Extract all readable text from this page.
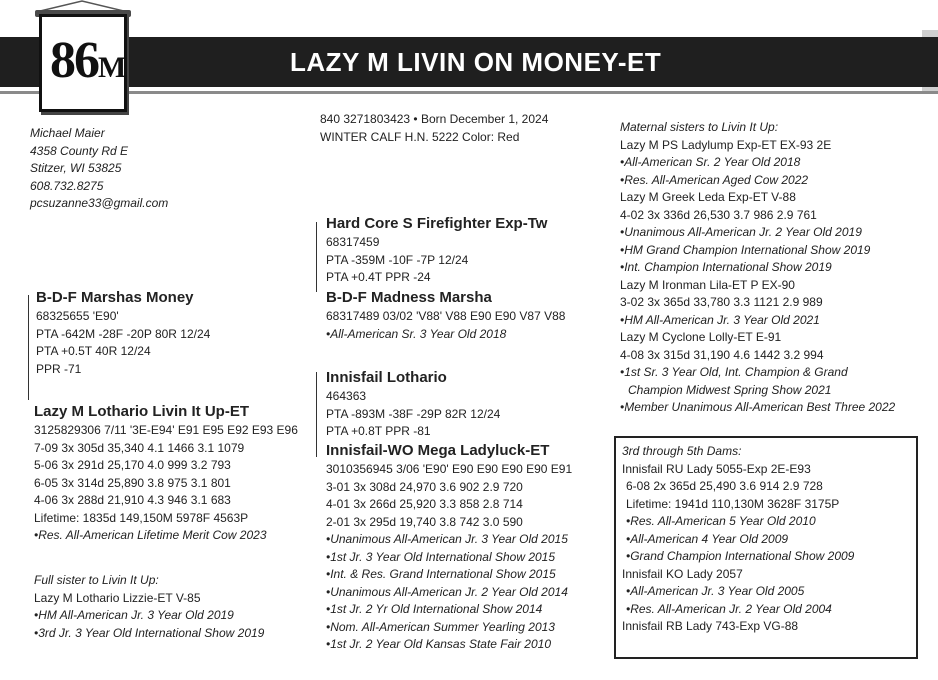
LAZY M LIVIN ON MONEY-ET
86M
Michael Maier
4358 County Rd E
Stitzer, WI 53825
608.732.8275
pcsuzanne33@gmail.com
840 3271803423 • Born December 1, 2024
WINTER CALF H.N. 5222 Color: Red
Hard Core S Firefighter Exp-Tw
68317459
PTA -359M -10F -7P 12/24
PTA +0.4T PPR -24
B-D-F Madness Marsha
68317489 03/02 'V88' V88 E90 E90 V87 V88
•All-American Sr. 3 Year Old 2018
B-D-F Marshas Money
68325655 'E90'
PTA -642M -28F -20P 80R 12/24
PTA +0.5T 40R 12/24
PPR -71
Innisfail Lothario
464363
PTA -893M -38F -29P 82R 12/24
PTA +0.8T PPR -81
Innisfail-WO Mega Ladyluck-ET
3010356945 3/06 'E90' E90 E90 E90 E90 E91
3-01 3x 308d 24,970 3.6 902 2.9 720
4-01 3x 266d 25,920 3.3 858 2.8 714
2-01 3x 295d 19,740 3.8 742 3.0 590
•Unanimous All-American Jr. 3 Year Old 2015
•1st Jr. 3 Year Old International Show 2015
•Int. & Res. Grand International Show 2015
•Unanimous All-American Jr. 2 Year Old 2014
•1st Jr. 2 Yr Old International Show 2014
•Nom. All-American Summer Yearling 2013
•1st Jr. 2 Year Old Kansas State Fair 2010
Lazy M Lothario Livin It Up-ET
3125829306 7/11 '3E-E94' E91 E95 E92 E93 E96
7-09 3x 305d 35,340 4.1 1466 3.1 1079
5-06 3x 291d 25,170 4.0 999 3.2 793
6-05 3x 314d 25,890 3.8 975 3.1 801
4-06 3x 288d 21,910 4.3 946 3.1 683
Lifetime: 1835d 149,150M 5978F 4563P
•Res. All-American Lifetime Merit Cow 2023
Full sister to Livin It Up:
Lazy M Lothario Lizzie-ET V-85
•HM All-American Jr. 3 Year Old 2019
•3rd Jr. 3 Year Old International Show 2019
Maternal sisters to Livin It Up:
Lazy M PS Ladylump Exp-ET EX-93 2E
•All-American Sr. 2 Year Old 2018
•Res. All-American Aged Cow 2022
Lazy M Greek Leda Exp-ET V-88
4-02 3x 336d 26,530 3.7 986 2.9 761
•Unanimous All-American Jr. 2 Year Old 2019
•HM Grand Champion International Show 2019
•Int. Champion International Show 2019
Lazy M Ironman Lila-ET P EX-90
3-02 3x 365d 33,780 3.3 1121 2.9 989
•HM All-American Jr. 3 Year Old 2021
Lazy M Cyclone Lolly-ET E-91
4-08 3x 315d 31,190 4.6 1442 3.2 994
•1st Sr. 3 Year Old, Int. Champion & Grand
Champion Midwest Spring Show 2021
•Member Unanimous All-American Best Three 2022
3rd through 5th Dams:
Innisfail RU Lady 5055-Exp 2E-E93
6-08 2x 365d 25,490 3.6 914 2.9 728
Lifetime: 1941d 110,130M 3628F 3175P
•Res. All-American 5 Year Old 2010
•All-American 4 Year Old 2009
•Grand Champion International Show 2009
Innisfail KO Lady 2057
•All-American Jr. 3 Year Old 2005
•Res. All-American Jr. 2 Year Old 2004
Innisfail RB Lady 743-Exp VG-88
